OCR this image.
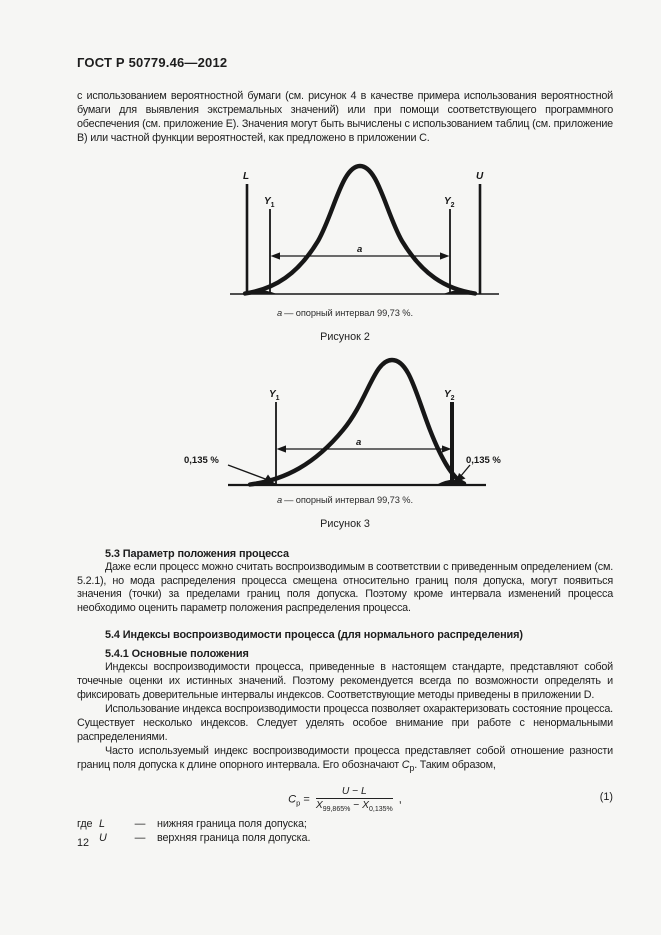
ГОСТ Р 50779.46—2012

с использованием вероятностной бумаги (см. рисунок 4 в качестве примера использования вероятностной бумаги для выявления экстремальных значений) или при помощи соответствующего программного обеспечения (см. приложение E). Значения могут быть вычислены с использованием таблиц (см. приложение B) или частной функции вероятностей, как предложено в приложении C.

L	U
Y1	Y2
a
a — опорный интервал 99,73 %.
Рисунок 2
Y1	Y2
a
0,135 %	0,135 %
a — опорный интервал 99,73 %.
Рисунок 3
5.3 Параметр положения процесса

Даже если процесс можно считать воспроизводимым в соответствии с приведенным определением (см. 5.2.1), но мода распределения процесса смещена относительно границ поля допуска, могут появиться значения (точки) за пределами границ поля допуска. Поэтому кроме интервала изменений процесса необходимо оценить параметр положения распределения процесса.

5.4 Индексы воспроизводимости процесса (для нормального распределения)
5.4.1 Основные положения

Индексы воспроизводимости процесса, приведенные в настоящем стандарте, представляют собой точечные оценки их истинных значений. Поэтому рекомендуется всегда по возможности определять и фиксировать доверительные интервалы индексов. Соответствующие методы приведены в приложении D.

Использование индекса воспроизводимости процесса позволяет охарактеризовать состояние процесса. Существует несколько индексов. Следует уделять особое внимание при работе с ненормальными распределениями.

Часто используемый индекс воспроизводимости процесса представляет собой отношение разности границ поля допуска к длине опорного интервала. Его обозначают $C_p$. Таким образом,

$C_p = \frac{U - L}{X_{99,865\%} - X_{0,135\%}}$ ,	(1)
где L	—	нижняя граница поля допуска;
U	—	верхняя граница поля допуска.
12
